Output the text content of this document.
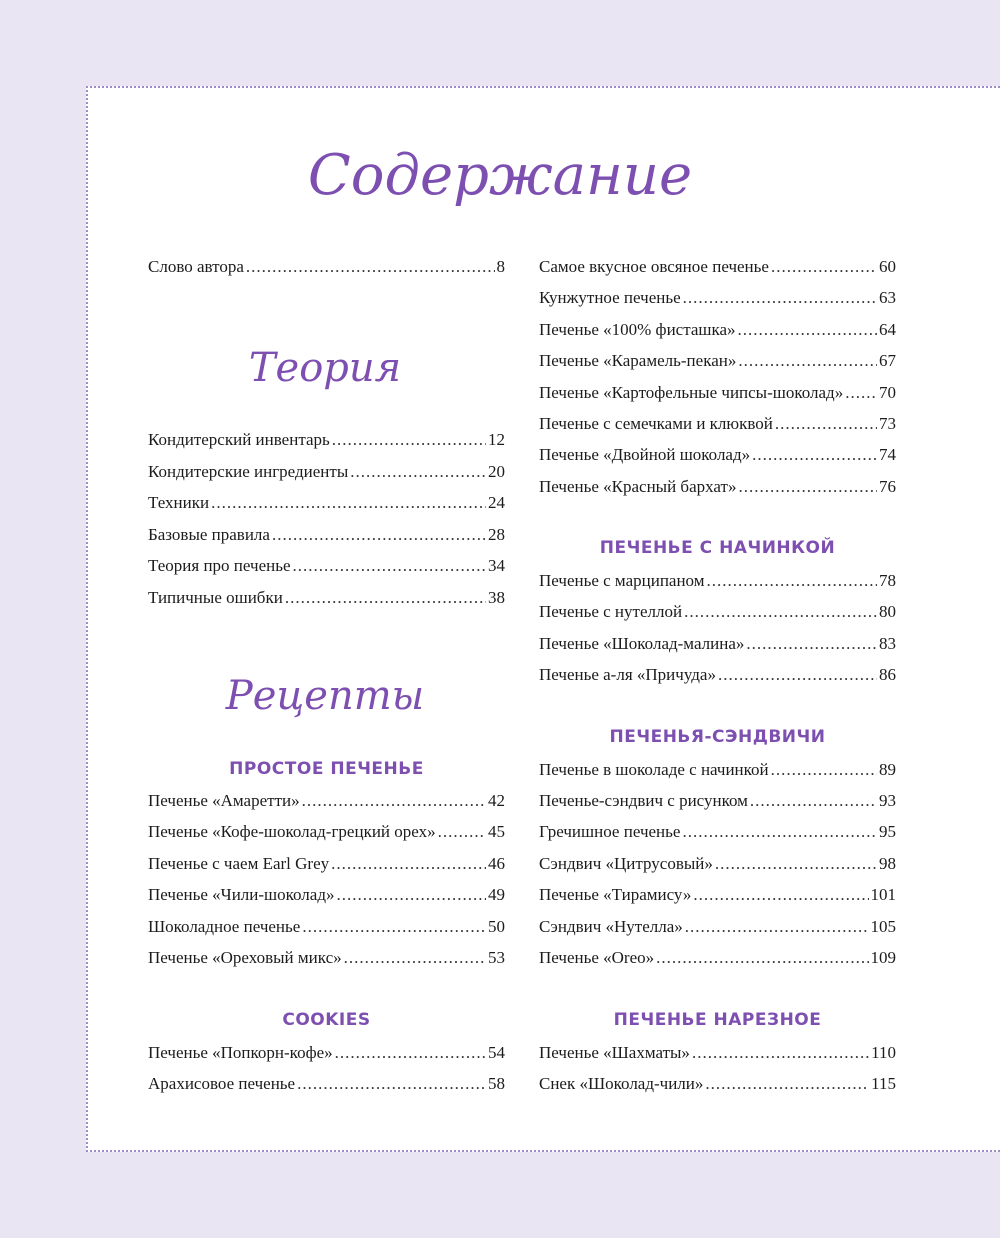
Содержание
Теория
Рецепты
Слово автора .....	8
Кондитерский инвентарь .....	12
Кондитерские ингредиенты .....	20
Техники .....	24
Базовые правила .....	28
Теория про печенье .....	34
Типичные ошибки .....	38
ПРОСТОЕ ПЕЧЕНЬЕ
Печенье «Амаретти» .....	42
Печенье «Кофе-шоколад-грецкий орех» .....	45
Печенье с чаем Earl Grey .....	46
Печенье «Чили-шоколад» .....	49
Шоколадное печенье .....	50
Печенье «Ореховый микс» .....	53
COOKIES
Печенье «Попкорн-кофе» .....	54
Арахисовое печенье .....	58
Самое вкусное овсяное печенье .....	60
Кунжутное печенье .....	63
Печенье «100% фисташка» .....	64
Печенье «Карамель-пекан» .....	67
Печенье «Картофельные чипсы-шоколад» ..... 70
Печенье с семечками и клюквой .....	73
Печенье «Двойной шоколад» .....	74
Печенье «Красный бархат» .....	76
ПЕЧЕНЬЕ С НАЧИНКОЙ
Печенье с марципаном .....	78
Печенье с нутеллой .....	80
Печенье «Шоколад-малина» .....	83
Печенье а-ля «Причуда» .....	86
ПЕЧЕНЬЯ-СЭНДВИЧИ
Печенье в шоколаде с начинкой .....	89
Печенье-сэндвич с рисунком .....	93
Гречишное печенье .....	95
Сэндвич «Цитрусовый» .....	98
Печенье «Тирамису» .....	101
Сэндвич «Нутелла» .....	105
Печенье «Oreo» .....	109
ПЕЧЕНЬЕ НАРЕЗНОЕ
Печенье «Шахматы» .....	110
Снек «Шоколад-чили» .....	115
